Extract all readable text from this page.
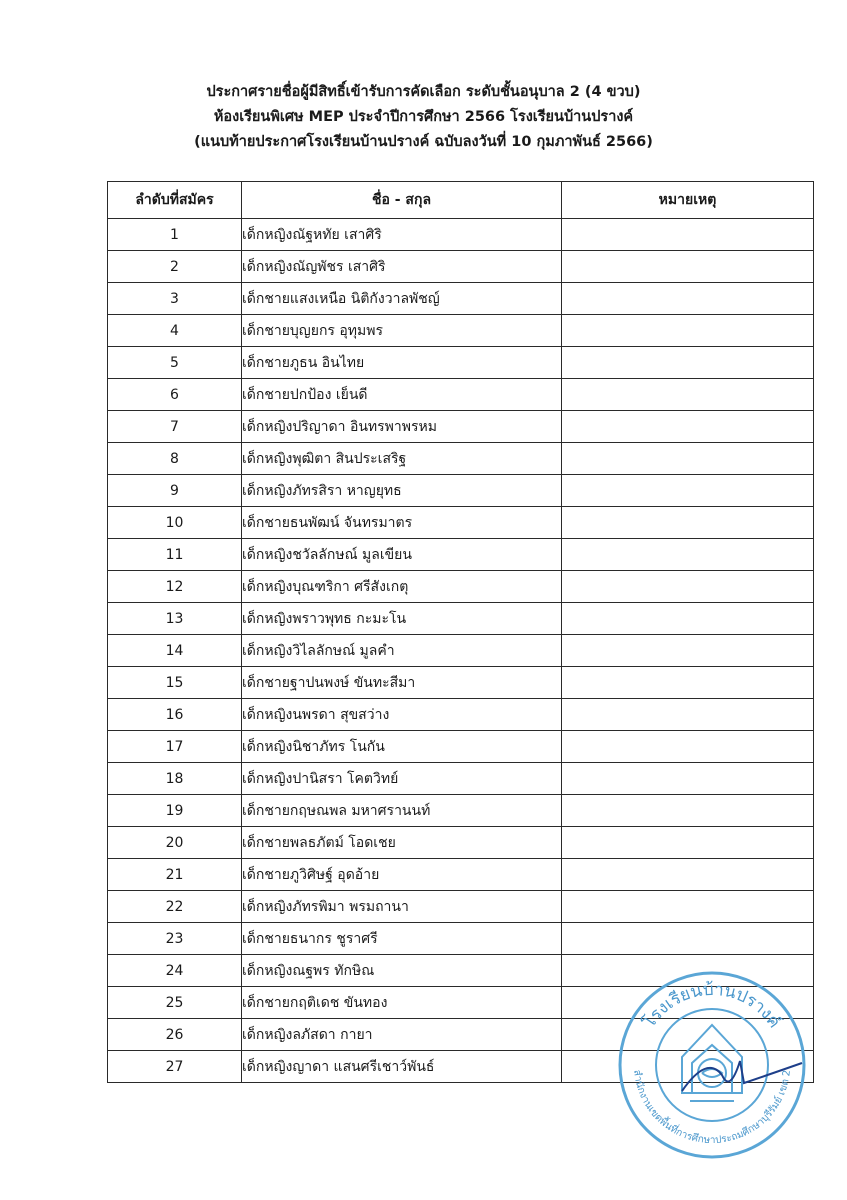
ประกาศรายชื่อผู้มีสิทธิ์เข้ารับการคัดเลือก ระดับชั้นอนุบาล 2 (4 ขวบ)
ห้องเรียนพิเศษ MEP ประจำปีการศึกษา 2566 โรงเรียนบ้านปรางค์
(แนบท้ายประกาศโรงเรียนบ้านปรางค์ ฉบับลงวันที่ 10 กุมภาพันธ์ 2566)
ลำดับที่สมัคร	ชื่อ - สกุล	หมายเหตุ
1	เด็กหญิงณัฐหทัย เสาศิริ	
2	เด็กหญิงณัญพัชร เสาศิริ	
3	เด็กชายแสงเหนือ นิติกังวาลพัชญ์	
4	เด็กชายบุญยกร อุทุมพร	
5	เด็กชายภูธน อินไทย	
6	เด็กชายปกป้อง เย็นดี	
7	เด็กหญิงปริญาดา อินทรพาพรหม	
8	เด็กหญิงพุฒิตา สินประเสริฐ	
9	เด็กหญิงภัทรสิรา หาญยุทธ	
10	เด็กชายธนพัฒน์ จันทรมาตร	
11	เด็กหญิงชวัลลักษณ์ มูลเขียน	
12	เด็กหญิงบุณฑริกา ศรีสังเกตุ	
13	เด็กหญิงพราวพุทธ กะมะโน	
14	เด็กหญิงวิไลลักษณ์ มูลคำ	
15	เด็กชายฐาปนพงษ์ ขันทะสีมา	
16	เด็กหญิงนพรดา สุขสว่าง	
17	เด็กหญิงนิชาภัทร โนกัน	
18	เด็กหญิงปานิสรา โคตวิทย์	
19	เด็กชายกฤษณพล มหาศรานนท์	
20	เด็กชายพลธภัตม์ โอดเชย	
21	เด็กชายภูวิศิษฐ์ อุดอ้าย	
22	เด็กหญิงภัทรพิมา พรมถานา	
23	เด็กชายธนากร ชูราศรี	
24	เด็กหญิงณฐพร ทักษิณ	
25	เด็กชายกฤติเดช ขันทอง	
26	เด็กหญิงลภัสดา กายา	
27	เด็กหญิงญาดา แสนศรีเชาว์พันธ์	
โรงเรียนบ้านปรางค์
สำนักงานเขตพื้นที่การศึกษาประถมศึกษาบุรีรัมย์ เขต 2
